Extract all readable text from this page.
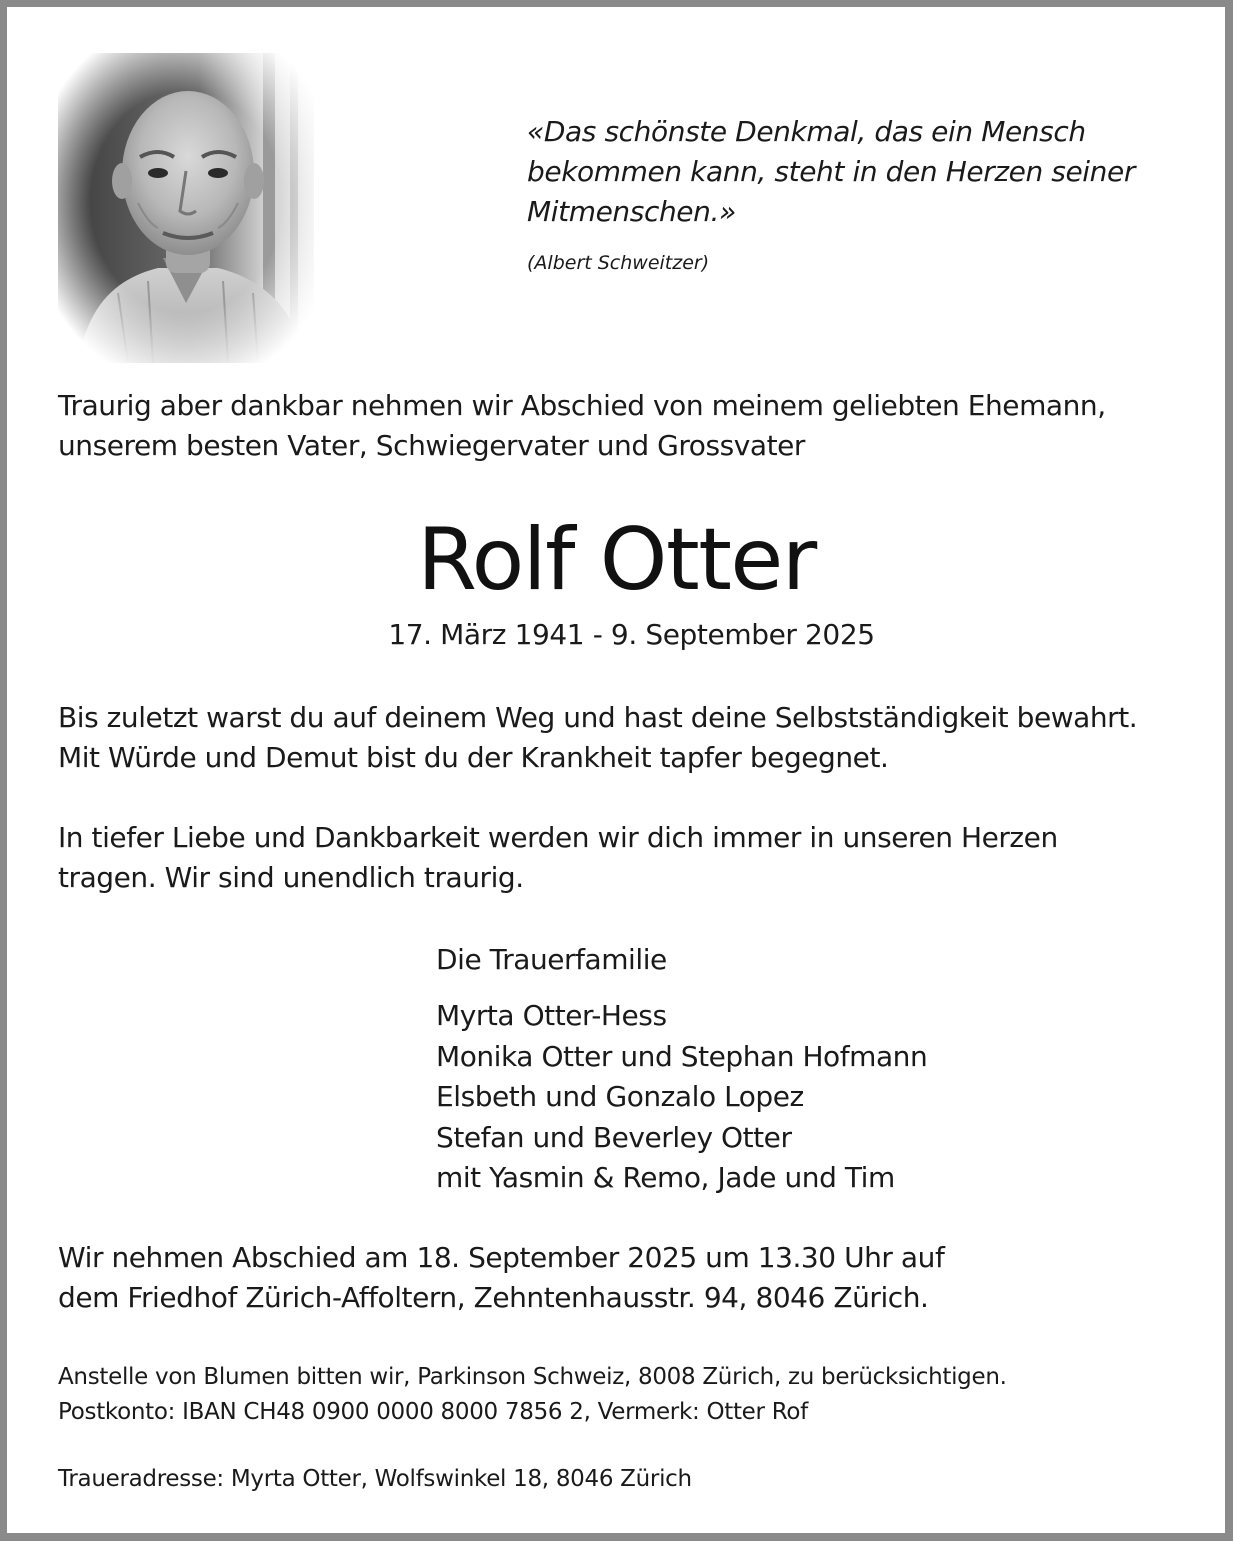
«Das schönste Denkmal, das ein Mensch
bekommen kann, steht in den Herzen seiner
Mitmenschen.»

(Albert Schweitzer)

Traurig aber dankbar nehmen wir Abschied von meinem geliebten Ehemann,
unserem besten Vater, Schwiegervater und Grossvater

Rolf Otter

17. März 1941 - 9. September 2025

Bis zuletzt warst du auf deinem Weg und hast deine Selbstständigkeit bewahrt.
Mit Würde und Demut bist du der Krankheit tapfer begegnet.

In tiefer Liebe und Dankbarkeit werden wir dich immer in unseren Herzen
tragen. Wir sind unendlich traurig.

Die Trauerfamilie
Myrta Otter-Hess
Monika Otter und Stephan Hofmann
Elsbeth und Gonzalo Lopez
Stefan und Beverley Otter
mit Yasmin & Remo, Jade und Tim

Wir nehmen Abschied am 18. September 2025 um 13.30 Uhr auf
dem Friedhof Zürich-Affoltern, Zehntenhausstr. 94, 8046 Zürich.

Anstelle von Blumen bitten wir, Parkinson Schweiz, 8008 Zürich, zu berücksichtigen.
Postkonto: IBAN CH48 0900 0000 8000 7856 2, Vermerk: Otter Rof

Traueradresse: Myrta Otter, Wolfswinkel 18, 8046 Zürich
